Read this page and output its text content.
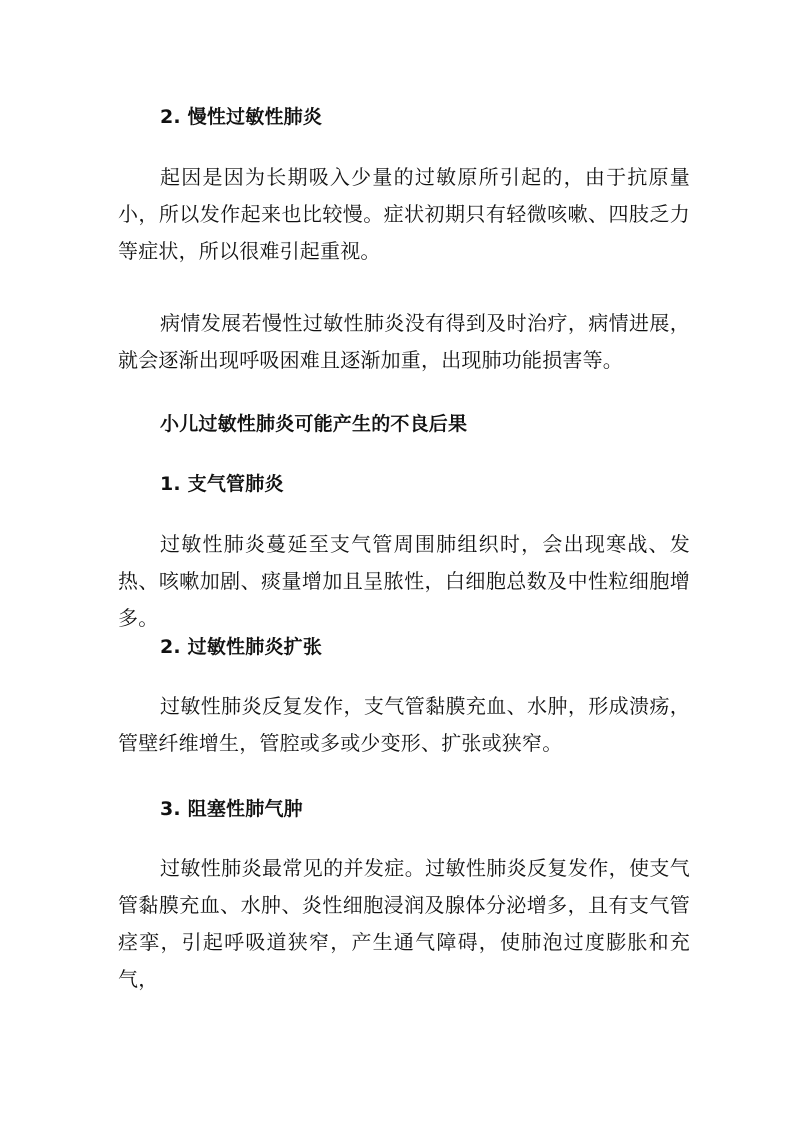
2. 慢性过敏性肺炎

起因是因为长期吸入少量的过敏原所引起的，由于抗原量小，所以发作起来也比较慢。症状初期只有轻微咳嗽、四肢乏力等症状，所以很难引起重视。

病情发展若慢性过敏性肺炎没有得到及时治疗，病情进展，就会逐渐出现呼吸困难且逐渐加重，出现肺功能损害等。

小儿过敏性肺炎可能产生的不良后果
1. 支气管肺炎

过敏性肺炎蔓延至支气管周围肺组织时，会出现寒战、发热、咳嗽加剧、痰量增加且呈脓性，白细胞总数及中性粒细胞增多。

2. 过敏性肺炎扩张

过敏性肺炎反复发作，支气管黏膜充血、水肿，形成溃疡，管壁纤维增生，管腔或多或少变形、扩张或狭窄。

3. 阻塞性肺气肿

过敏性肺炎最常见的并发症。过敏性肺炎反复发作，使支气管黏膜充血、水肿、炎性细胞浸润及腺体分泌增多，且有支气管痉挛，引起呼吸道狭窄，产生通气障碍，使肺泡过度膨胀和充气，
